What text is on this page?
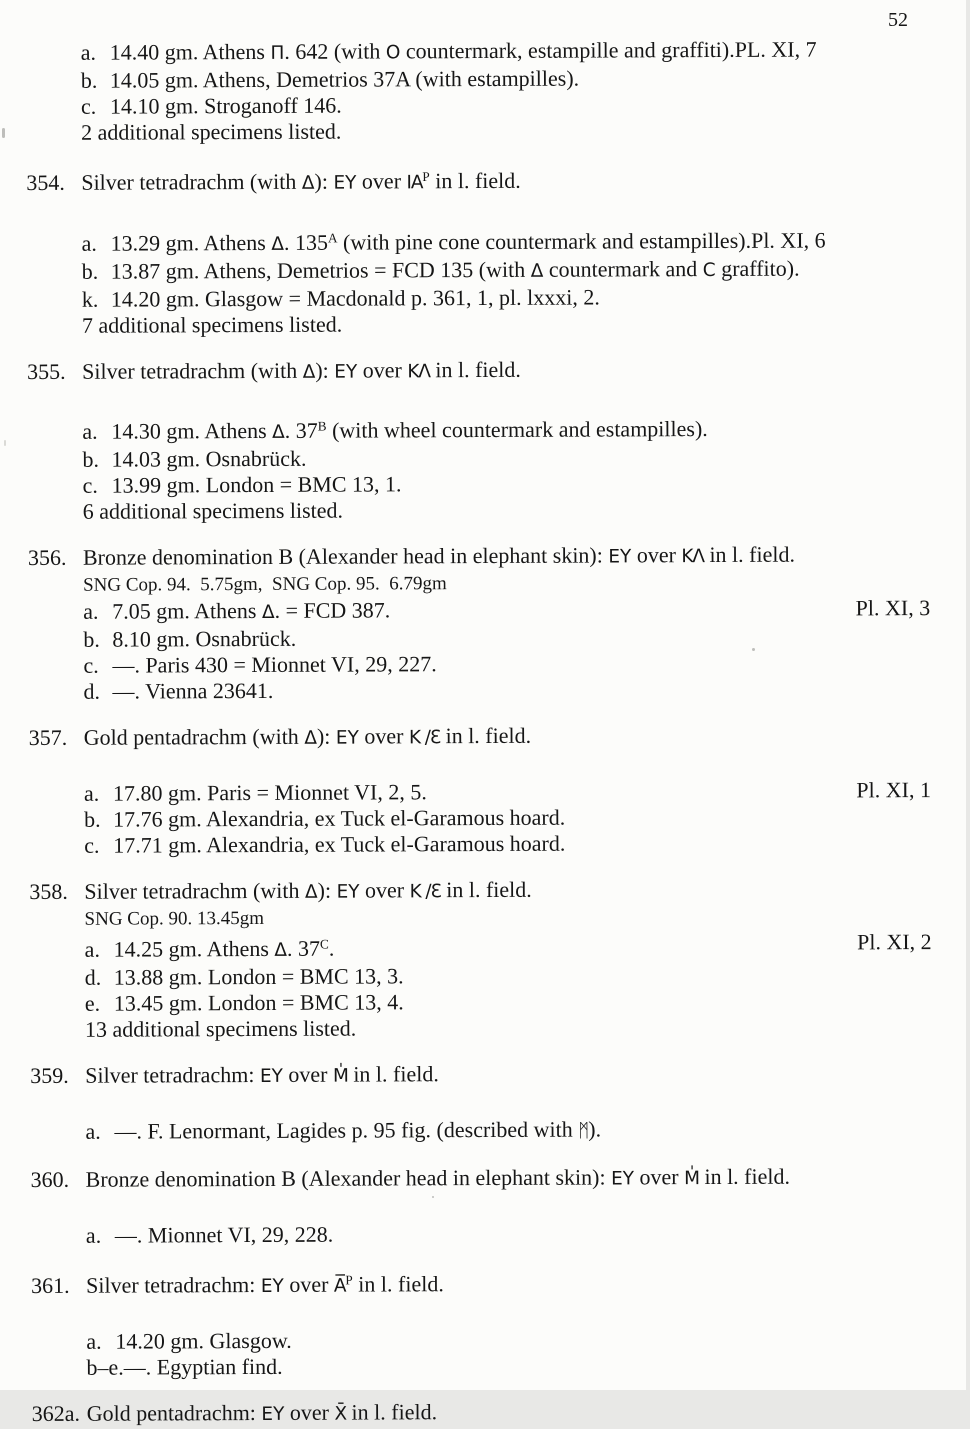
52
a. 14.40 gm. Athens Π. 642 (with O countermark, estampille and graffiti).PL. XI, 7
b. 14.05 gm. Athens, Demetrios 37A (with estampilles).
c. 14.10 gm. Stroganoff 146.
2 additional specimens listed.
354. Silver tetradrachm (with Δ): EY over $IA^P$ in l. field.
a. 13.29 gm. Athens Δ. $135^A$ (with pine cone countermark and estampilles).Pl. XI, 6
b. 13.87 gm. Athens, Demetrios = FCD 135 (with Δ countermark and C graffito).
k. 14.20 gm. Glasgow = Macdonald p. 361, 1, pl. lxxxi, 2.
7 additional specimens listed.
355. Silver tetradrachm (with Δ): EY over KΛ in l. field.
a. 14.30 gm. Athens Δ. $37^B$ (with wheel countermark and estampilles).
b. 14.03 gm. Osnabrück.
c. 13.99 gm. London = BMC 13, 1.
6 additional specimens listed.
356. Bronze denomination B (Alexander head in elephant skin): EY over KΛ in l. field.
SNG Cop. 94.  5.75gm,  SNG Cop. 95.  6.79gm
a. 7.05 gm. Athens Δ. = FCD 387.	Pl. XI, 3
b. 8.10 gm. Osnabrück.
c. —. Paris 430 = Mionnet VI, 29, 227.
d. —. Vienna 23641.
357. Gold pentadrachm (with Δ): EY over K ∕Ɛ in l. field.
a. 17.80 gm. Paris = Mionnet VI, 2, 5.	Pl. XI, 1
b. 17.76 gm. Alexandria, ex Tuck el-Garamous hoard.
c. 17.71 gm. Alexandria, ex Tuck el-Garamous hoard.
358. Silver tetradrachm (with Δ): EY over K ∕Ɛ in l. field.
SNG Cop. 90. 13.45gm
a. 14.25 gm. Athens Δ. $37^C$.	Pl. XI, 2
d. 13.88 gm. London = BMC 13, 3.
e. 13.45 gm. London = BMC 13, 4.
13 additional specimens listed.
359. Silver tetradrachm: EY over M̍ in l. field.
a. —. F. Lenormant, Lagides p. 95 fig. (described with ᛗ).
360. Bronze denomination B (Alexander head in elephant skin): EY over M̍ in l. field.
a. —. Mionnet VI, 29, 228.
361. Silver tetradrachm: EY over A̅$^P$ in l. field.
a. 14.20 gm. Glasgow.
b–e.—. Egyptian find.
362a. Gold pentadrachm: EY over X̄ in l. field.
